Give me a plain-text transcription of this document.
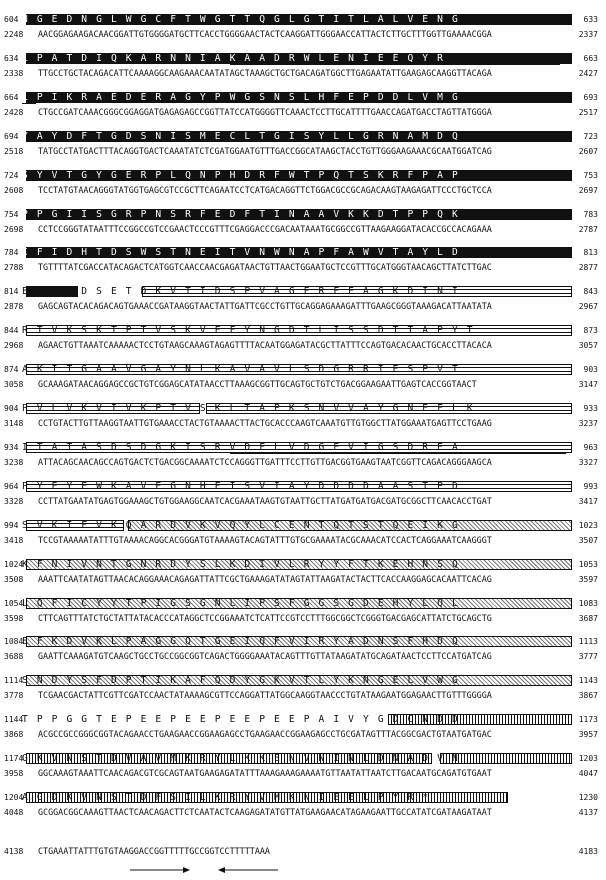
604	633
NGEDNGLWGCFTWGTTQGLGTITLALVENG
2248	2337
AACGGAGAAGACAACGGATTGTGGGGATGCTTCACCTGGGGAACTACTCAAGGATTGGGAACCATTACTCTTGCTTTGGTTGAAAACGGA
634	663
LPATDIQKARNNIAKAADRWLENIEEQYR
2338	2427
TTGCCTGCTACAGACATTCAAAAGGCAAGAAACAATATAGCTAAAGCTGCTGACAGATGGCTTGAGAATATTGAAGAGCAAGGTTACAGA
664	693
LPIKRAEDERAGYPWGSNSLHFEPDDLVMG
2428	2517
CTGCCGATCAAACGGGCGGAGGATGAGAGAGCCGGTTATCCATGGGGTTCAAACTCCTTGCATTTTGAACCAGATGACCTAGTTATGGGA
694	723
YAYDFTGDSNISMECLTGISYLLGRNAMDQ
2518	2607
TATGCCTATGACTTTACAGGTGACTCAAATATCTCGATGGAATGTTTGACCGGCATAAGCTACCTGTTGGGAAGAAACGCAATGGATCAG
724	753
SYVTGYGERPLQNPHDRFWTPQTSKRFPAP
2608	2697
TCCTATGTAACAGGGTATGGTGAGCGTCCGCTTCAGAATCCTCATGACAGGTTCTGGACGCCGCAGACAAGTAAGAGATTCCCTGCTCCA
754	783
PPGIISGRPNSRFEDFTINAAVKKDTPPQK
2698	2787
CCTCCGGGTATAATTTCCGGCCGTCCGAACTCCCGTTTCGAGGACCCGACAATAAATGCGGCCGTTAAGAAGGATACACCGCCACAGAAA
784	813
CFIDHTDSWSTNEITVNWNAPFAWVTAYLD
2788	2877
TGTTTTATCGACCATACAGACTCATGGTCAACCAACGAGATAACTGTTAACTGGAATGCTCCGTTTGCATGGGTAACAGCTTATCTTGAC
814	843
EQYTDSETDKVTIDSPVAGERFEAGKDINI
2878	2967
GAGCAGTACACAGACAGTGAAACCGATAAGGTAACTATTGATTCGCCTGTTGCAGGAGAAAGATTTGAAGCGGGTAAAGACATTAATATA
844	873
RTVKSKTPTVSKVEFYNGDTLISSDTTAPYT
2968	3057
AGAACTGTTAAATCAAAAACTCCTGTAAGCAAAGTAGAGTTTTACAATGGAGATACGCTTATTTCCAGTGACACAACTGCACCTTACACA
874	903
AKITGAAVGAYNLKAVAVLSDGRRIESPVT
3058	3147
GCAAAGATAACAGGAGCCGCTGTCGGAGCATATAACCTTAAAGCGGTTGCAGTGCTGTCTGACGGAAGAATTGAGTCACCGGTAACT
904	933
PVLVKVIVKPTVSKLTAPKSNVVAYGNEFLK
3148	3237
CCTGTACTTGTTAAGGTAATTGTGAAACCTACTGTAAAACTTACTGCACCCAAGTCAAATGTTGTGGCTTATGGAAATGAGTTCCTGAAG
934	963
ITATASDSDGKISRVDFLVDGEVIGSDREA
3238	3327
ATTACAGCAACAGCCAGTGACTCTGACGGCAAAATCTCCAGGGTTGATTTCCTTGTTGACGGTGAAGTAATCGGTTCAGACAGGGAAGCA
964	993
PYEYEWKAVEGNHEISVIAYDDDDAASTPD
3328	3417
CCTTATGAATATGAGTGGAAAGCTGTGGAAGGCAATCACGAAATAAGTGTAATTGCTTATGATGATGACGATGCGGCTTCAACACCTGAT
994	1023
SVKIFVKQARDVKVQYLCENTQTSTQEIKG
3418	3507
TCCGTAAAAATATTTGTAAAACAGGCACGGGATGTAAAAGTACAGTATTTGTGCGAAAATACGCAAACATCCACTCAGGAAATCAAGGGT
1024	1053
KFNIVNTGNRDYSLKDIVLRYYFTKEHNSQ
3508	3597
AAATTCAATATAGTTAACACAGGAAACAGAGATTATTCGCTGAAAGATATAGTATTAAGATACTACTTCACCAAGGAGCACAATTCACAG
1054	1083
LQFICYYTPIGSGNLIPSFGGSGDEHYLQL
3598	3687
CTTCAGTTTATCTGCTATTATACACCCATAGGCTCCGGAAATCTCATTCCGTCCTTTGGCGGCTCGGGTGACGAGCATTATCTGCAGCTG
1084	1113
EFKDVKLPAGGQTGEIQFVIRYADNSFHDQ
3688	3777
GAATTCAAAGATGTCAAGCTGCCTGCCGGCGGTCAGACTGGGGAAATACAGTTTGTTATAAGATATGCAGATAACTCCTTCCATGATCAG
1114	1143
SNDYSFDPTIKAFQDYGKVTLYKNGELVWG
3778	3867
TCGAACGACTATTCGTTCGATCCAACTATAAAAGCGTTCCAGGATTATGGCAAGGTAACCCTGTATAAGAATGGAGAACTTGTTTGGGGA
1144	1173
TPPGGTEPEEPEEPEEPEEPAIVYGDCNDD
3868	3957
ACGCCGCCGGGCGGTACAGAACCTGAAGAACCGGAAGAGCCTGAAGAACCGGAAGAGCCTGCGATAGTTTACGGCGACTGTAATGATGAC
1174	1203
GKVNSTDVAVMKRYLKKENVNINLDNADVN
3958	4047
GGCAAAGTAAATTCAACAGACGTCGCAGTAATGAAGAGATATTTAAAGAAAGAAAATGTTAATATTAATCTTGACAATGCAGATGTGAAT
1204	1230
AGDKVNSTDFSILKRYVMKNIEELPYR*
4048	4137
GCGGACGGCAAAGTTAACTCAACAGACTTCTCAATACTCAAGAGATATGTTATGAAGAACATAGAAGAATTGCCATATCGATAAGATAAT
4138	4183
CTGAAATTATTTGTGTAAGGACCGGTTTTTGCCGGTCCTTTTTAAA
